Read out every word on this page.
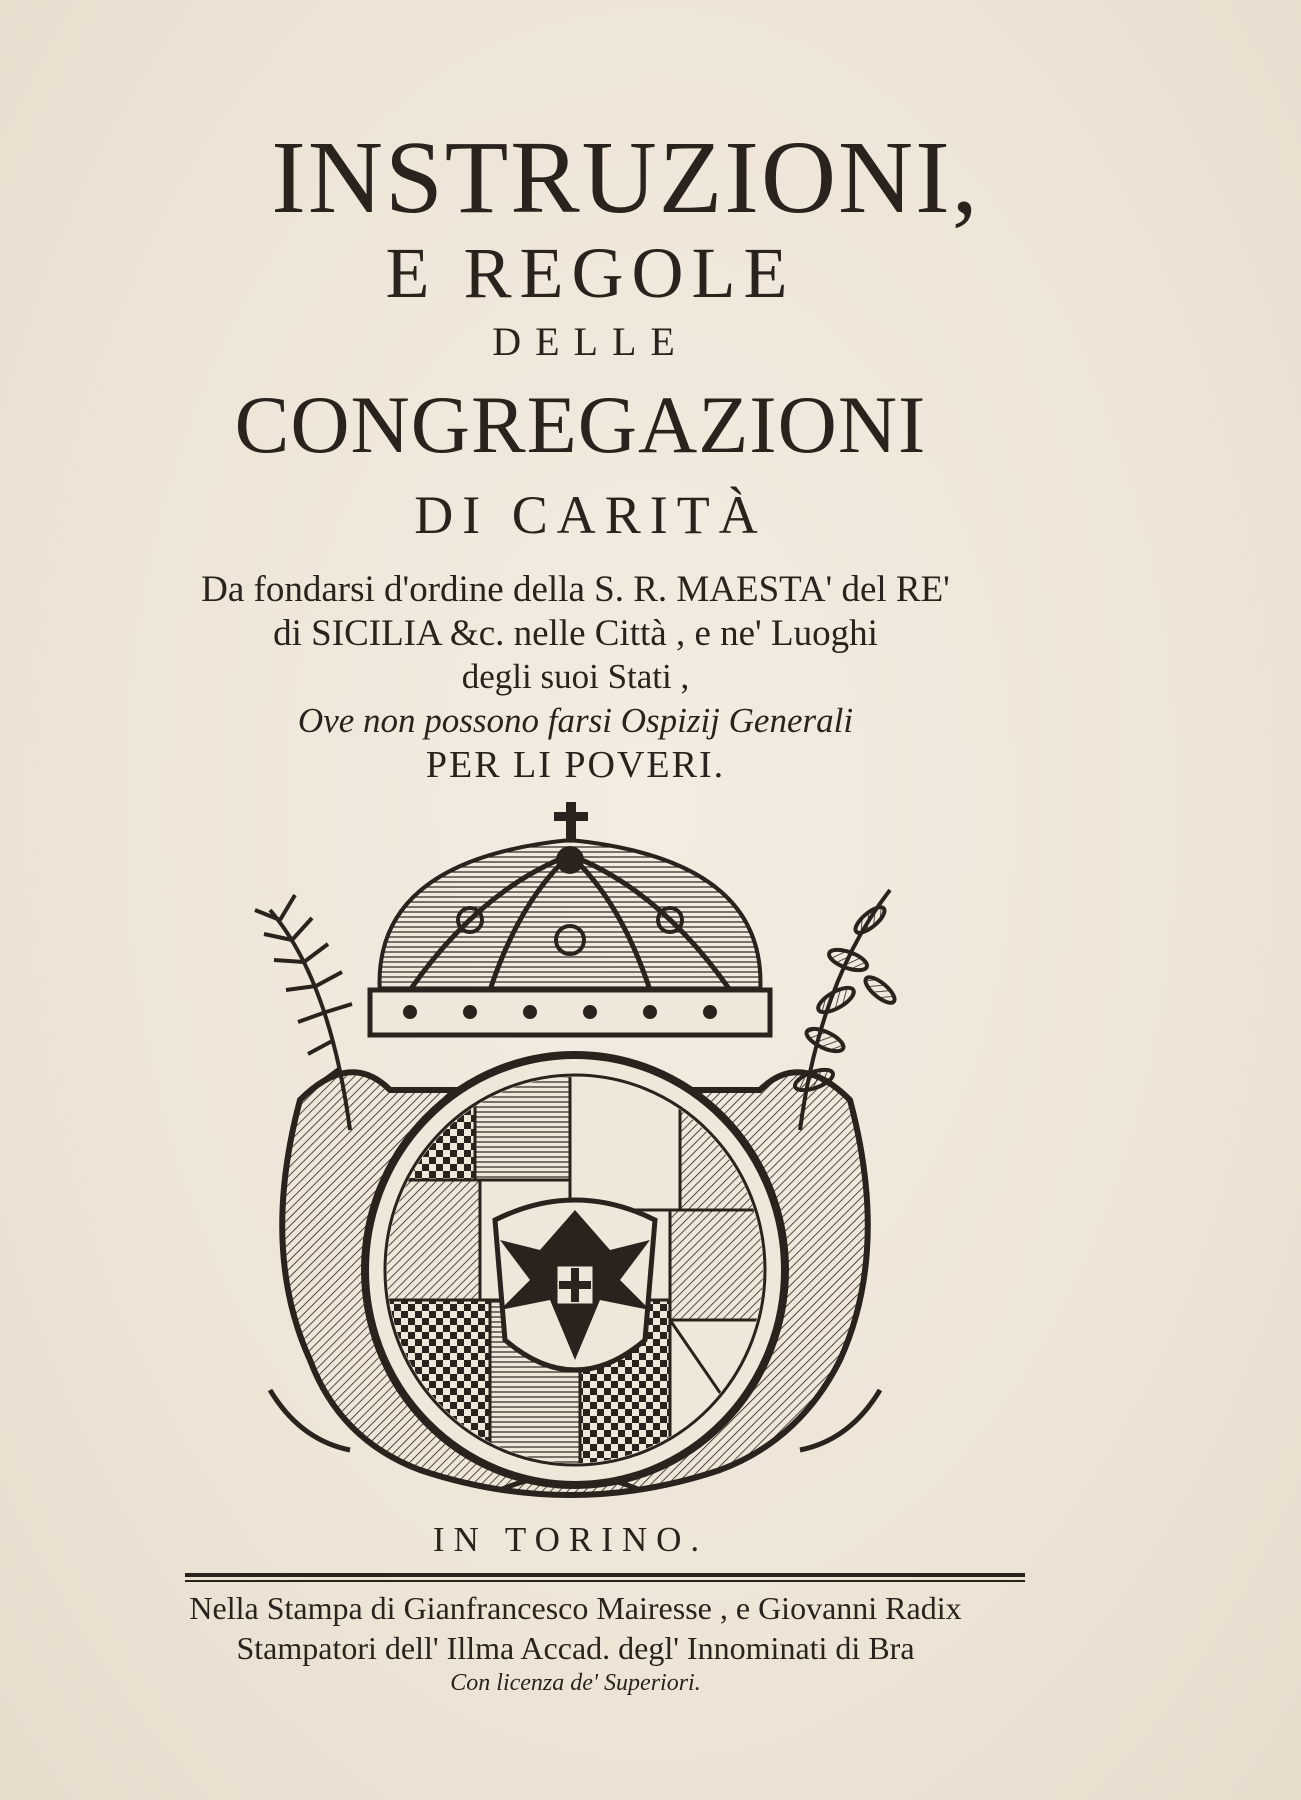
INSTRUZIONI,
E REGOLE
DELLE
CONGREGAZIONI
DI CARITÀ
Da fondarsi d'ordine della S. R. MAESTA' del RE'
di SICILIA &c. nelle Città , e ne' Luoghi
degli suoi Stati ,
Ove non possono farsi Ospizij Generali
PER LI POVERI.
IN TORINO.
Nella Stampa di Gianfrancesco Mairesse , e Giovanni Radix
Stampatori dell' Illma Accad. degl' Innominati di Bra
Con licenza de' Superiori.
